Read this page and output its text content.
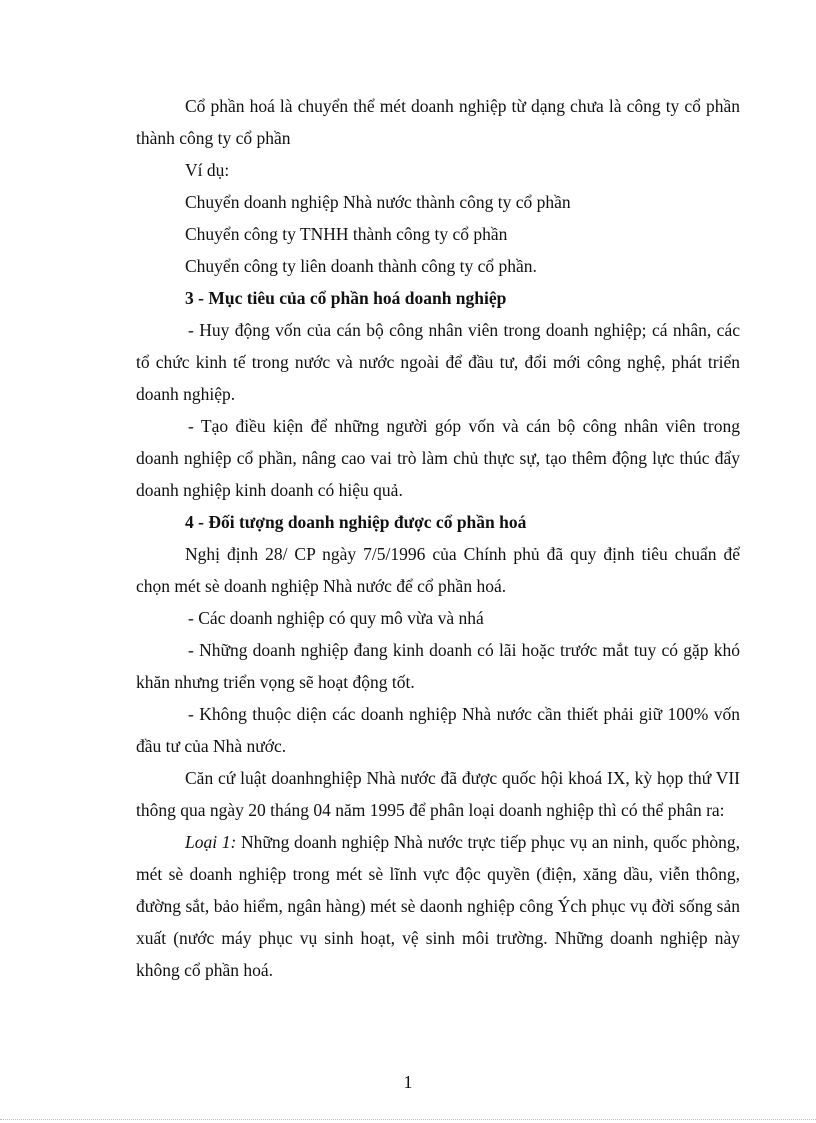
Cổ phần hoá là chuyển thể mét doanh nghiệp từ dạng chưa là công ty cổ phần thành công ty cổ phần

Ví dụ:

Chuyển doanh nghiệp Nhà nước thành công ty cổ phần

Chuyển công ty TNHH thành công ty cổ phần

Chuyển công ty liên doanh thành công ty cổ phần.

3 - Mục tiêu của cổ phần hoá doanh nghiệp

- Huy động vốn của cán bộ công nhân viên trong doanh nghiệp; cá nhân, các tổ chức kinh tế trong nước và nước ngoài để đầu tư, đổi mới công nghệ, phát triển doanh nghiệp.

- Tạo điều kiện để những người góp vốn và cán bộ công nhân viên trong doanh nghiệp cổ phần, nâng cao vai trò làm chủ thực sự, tạo thêm động lực thúc đẩy doanh nghiệp kinh doanh có hiệu quả.

4 - Đối tượng doanh nghiệp được cổ phần hoá

Nghị định 28/ CP ngày 7/5/1996 của Chính phủ đã quy định tiêu chuẩn để chọn mét sè doanh nghiệp Nhà nước để cổ phần hoá.

- Các doanh nghiệp có quy mô vừa và nhá

- Những doanh nghiệp đang kinh doanh có lãi hoặc trước mắt tuy có gặp khó khăn nhưng triển vọng sẽ hoạt động tốt.

- Không thuộc diện các doanh nghiệp Nhà nước cần thiết phải giữ 100% vốn đầu tư của Nhà nước.

Căn cứ luật doanhnghiệp Nhà nước đã được quốc hội khoá IX, kỳ họp thứ VII thông qua ngày 20 tháng 04 năm 1995 để phân loại doanh nghiệp thì có thể phân ra:

Loại 1: Những doanh nghiệp Nhà nước trực tiếp phục vụ an ninh, quốc phòng, mét sè doanh nghiệp trong mét sè lĩnh vực độc quyền (điện, xăng dầu, viễn thông, đường sắt, bảo hiểm, ngân hàng) mét sè daonh nghiệp công Ých phục vụ đời sống sản xuất (nước máy phục vụ sinh hoạt, vệ sinh môi trường. Những doanh nghiệp này không cổ phần hoá.

1
